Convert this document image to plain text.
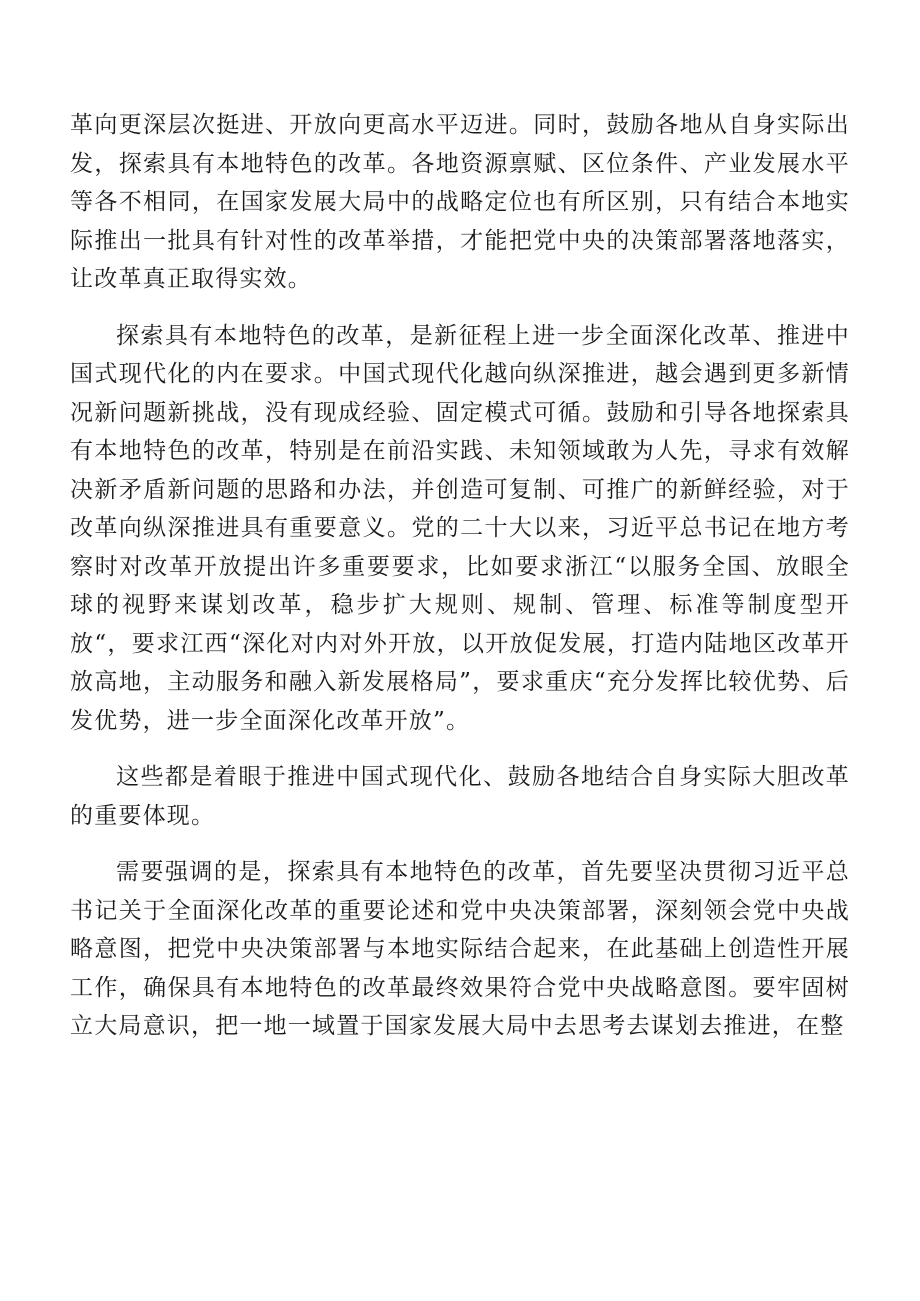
革向更深层次挺进、开放向更高水平迈进。同时，鼓励各地从自身实际出发，探索具有本地特色的改革。各地资源禀赋、区位条件、产业发展水平等各不相同，在国家发展大局中的战略定位也有所区别，只有结合本地实际推出一批具有针对性的改革举措，才能把党中央的决策部署落地落实，让改革真正取得实效。

探索具有本地特色的改革，是新征程上进一步全面深化改革、推进中国式现代化的内在要求。中国式现代化越向纵深推进，越会遇到更多新情况新问题新挑战，没有现成经验、固定模式可循。鼓励和引导各地探索具有本地特色的改革，特别是在前沿实践、未知领域敢为人先，寻求有效解决新矛盾新问题的思路和办法，并创造可复制、可推广的新鲜经验，对于改革向纵深推进具有重要意义。党的二十大以来，习近平总书记在地方考察时对改革开放提出许多重要要求，比如要求浙江“以服务全国、放眼全球的视野来谋划改革，稳步扩大规则、规制、管理、标准等制度型开放“，要求江西“深化对内对外开放，以开放促发展，打造内陆地区改革开放高地，主动服务和融入新发展格局”，要求重庆“充分发挥比较优势、后发优势，进一步全面深化改革开放”。

这些都是着眼于推进中国式现代化、鼓励各地结合自身实际大胆改革的重要体现。

需要强调的是，探索具有本地特色的改革，首先要坚决贯彻习近平总书记关于全面深化改革的重要论述和党中央决策部署，深刻领会党中央战略意图，把党中央决策部署与本地实际结合起来，在此基础上创造性开展工作，确保具有本地特色的改革最终效果符合党中央战略意图。要牢固树立大局意识，把一地一域置于国家发展大局中去思考去谋划去推进，在整
